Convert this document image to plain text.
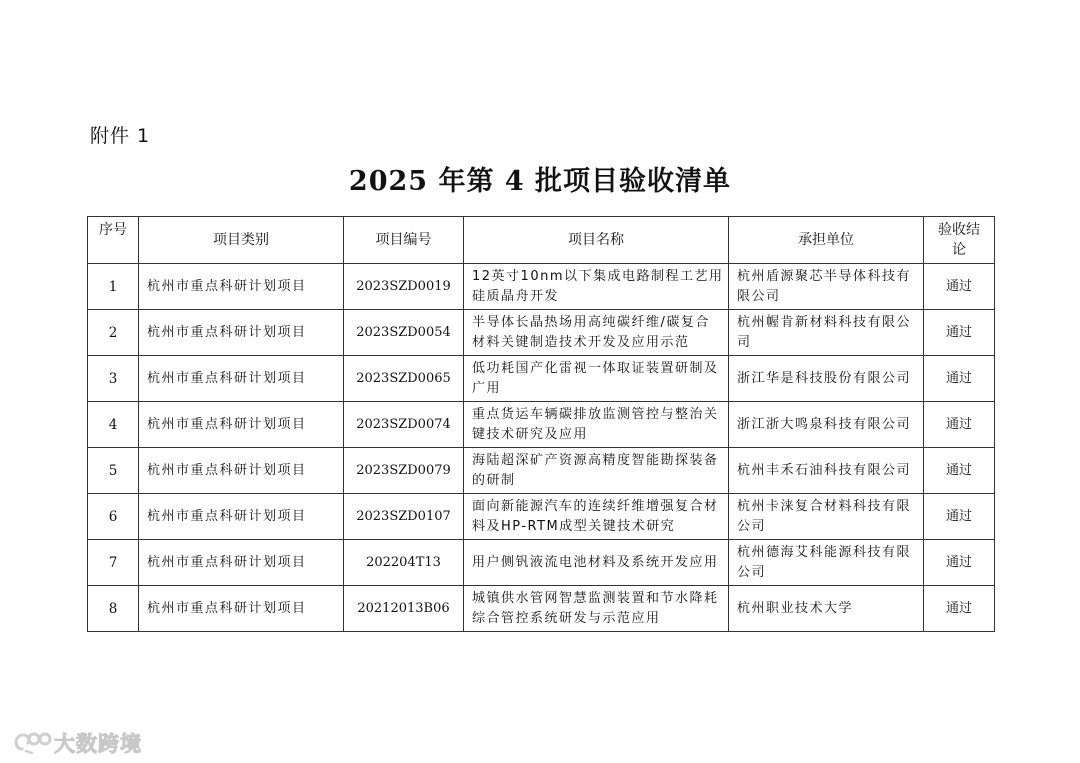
附件 1
2025 年第 4 批项目验收清单
序号	项目类别	项目编号	项目名称	承担单位	验收结论
1	杭州市重点科研计划项目	2023SZD0019	12英寸10nm以下集成电路制程工艺用硅质晶舟开发	杭州盾源聚芯半导体科技有限公司	通过
2	杭州市重点科研计划项目	2023SZD0054	半导体长晶热场用高纯碳纤维/碳复合材料关键制造技术开发及应用示范	杭州幄肯新材料科技有限公司	通过
3	杭州市重点科研计划项目	2023SZD0065	低功耗国产化雷视一体取证装置研制及广用	浙江华是科技股份有限公司	通过
4	杭州市重点科研计划项目	2023SZD0074	重点货运车辆碳排放监测管控与整治关键技术研究及应用	浙江浙大鸣泉科技有限公司	通过
5	杭州市重点科研计划项目	2023SZD0079	海陆超深矿产资源高精度智能勘探装备的研制	杭州丰禾石油科技有限公司	通过
6	杭州市重点科研计划项目	2023SZD0107	面向新能源汽车的连续纤维增强复合材料及HP-RTM成型关键技术研究	杭州卡涞复合材料科技有限公司	通过
7	杭州市重点科研计划项目	202204T13	用户侧钒液流电池材料及系统开发应用	杭州德海艾科能源科技有限公司	通过
8	杭州市重点科研计划项目	20212013B06	城镇供水管网智慧监测装置和节水降耗综合管控系统研发与示范应用	杭州职业技术大学	通过
大数跨境
